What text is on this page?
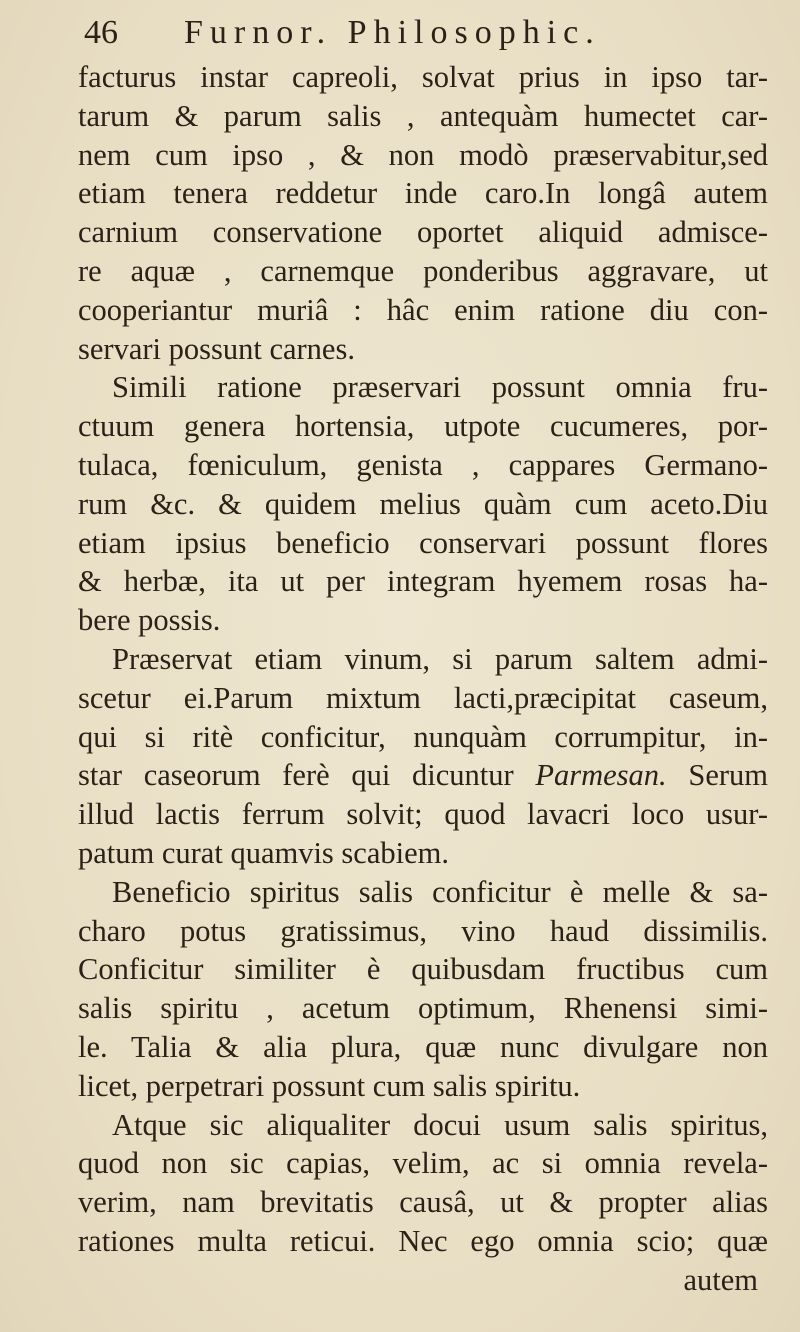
46	Furnor. Philosophic.
facturus instar capreoli, solvat prius in ipso tar-
tarum & parum salis , antequàm humectet car-
nem cum ipso , & non modò præservabitur,sed
etiam tenera reddetur inde caro.In longâ autem
carnium conservatione oportet aliquid admisce-
re aquæ , carnemque ponderibus aggravare, ut
cooperiantur muriâ : hâc enim ratione diu con-
servari possunt carnes.
Simili ratione præservari possunt omnia fru-
ctuum genera hortensia, utpote cucumeres, por-
tulaca, fœniculum, genista , cappares Germano-
rum &c. & quidem melius quàm cum aceto.Diu
etiam ipsius beneficio conservari possunt flores
& herbæ, ita ut per integram hyemem rosas ha-
bere possis.
Præservat etiam vinum, si parum saltem admi-
scetur ei.Parum mixtum lacti,præcipitat caseum,
qui si ritè conficitur, nunquàm corrumpitur, in-
star caseorum ferè qui dicuntur Parmesan. Serum
illud lactis ferrum solvit; quod lavacri loco usur-
patum curat quamvis scabiem.
Beneficio spiritus salis conficitur è melle & sa-
charo potus gratissimus, vino haud dissimilis.
Conficitur similiter è quibusdam fructibus cum
salis spiritu , acetum optimum, Rhenensi simi-
le. Talia & alia plura, quæ nunc divulgare non
licet, perpetrari possunt cum salis spiritu.
Atque sic aliqualiter docui usum salis spiritus,
quod non sic capias, velim, ac si omnia revela-
verim, nam brevitatis causâ, ut & propter alias
rationes multa reticui. Nec ego omnia scio; quæ
autem
